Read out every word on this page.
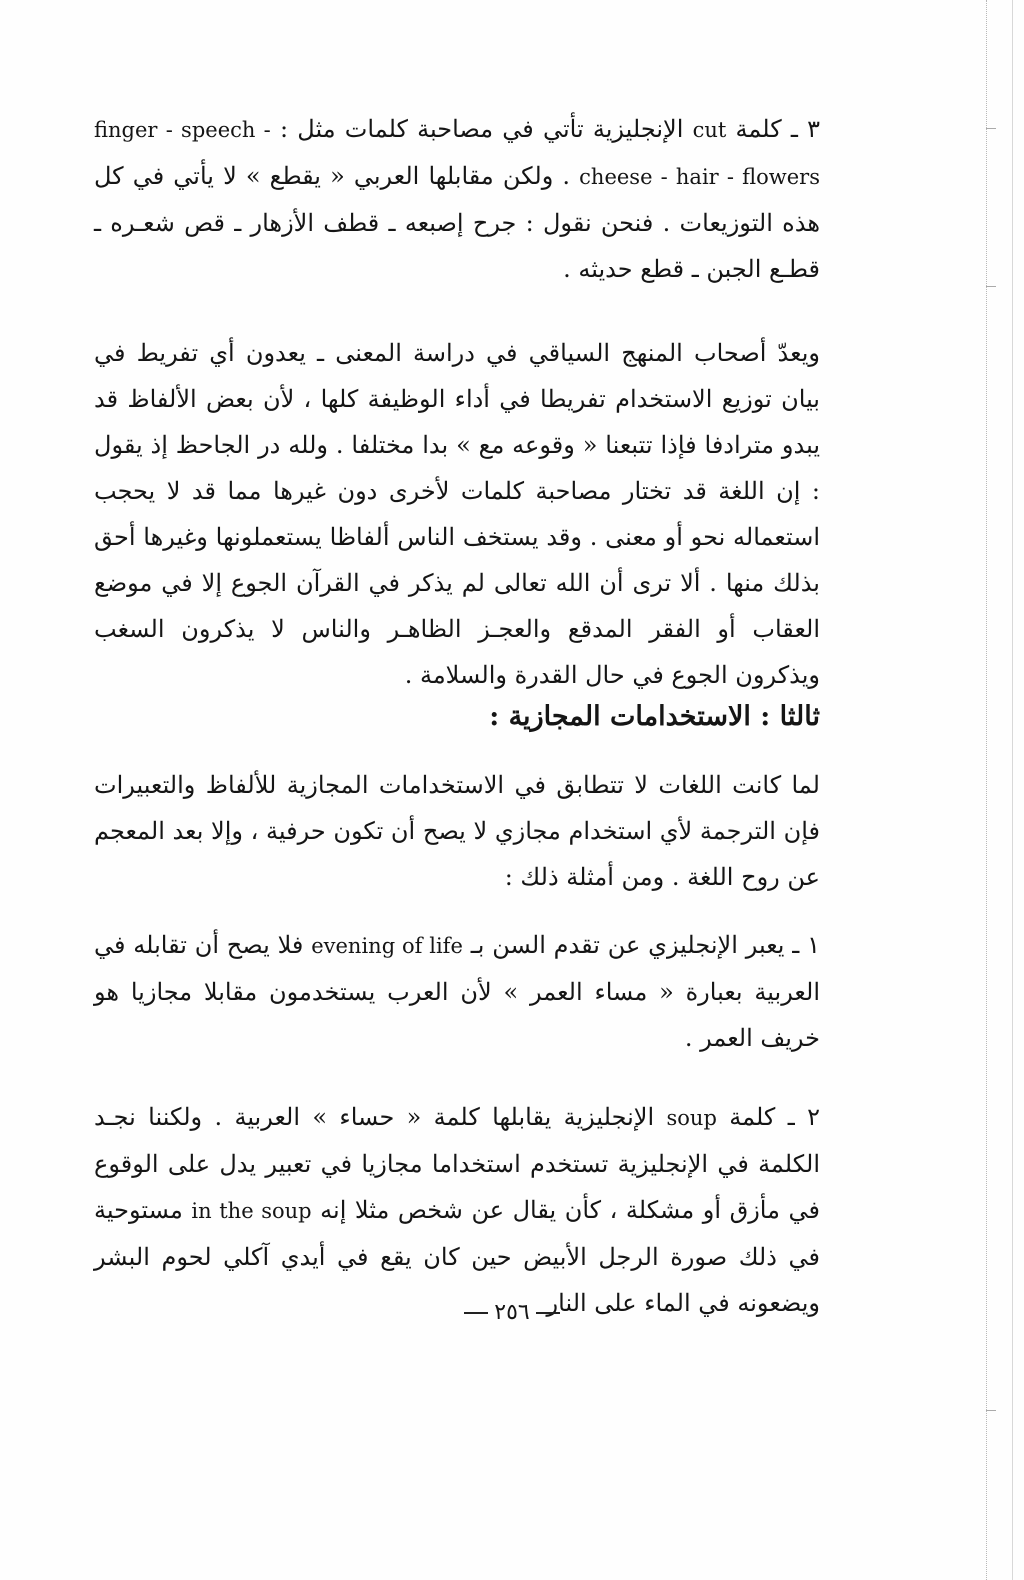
٣ ـ كلمة cut الإنجليزية تأتي في مصاحبة كلمات مثل : finger - speech - cheese - hair - flowers . ولكن مقابلها العربي « يقطع » لا يأتي في كل هذه التوزيعات . فنحن نقول : جرح إصبعه ـ قطف الأزهار ـ قص شعـره ـ قطـع الجبن ـ قطع حديثه .

ويعدّ أصحاب المنهج السياقي في دراسة المعنى ـ يعدون أي تفريط في بيان توزيع الاستخدام تفريطا في أداء الوظيفة كلها ، لأن بعض الألفاظ قد يبدو مترادفا فإذا تتبعنا « وقوعه مع » بدا مختلفا . ولله در الجاحظ إذ يقول : إن اللغة قد تختار مصاحبة كلمات لأخرى دون غيرها مما قد لا يحجب استعماله نحو أو معنى . وقد يستخف الناس ألفاظا يستعملونها وغيرها أحق بذلك منها . ألا ترى أن الله تعالى لم يذكر في القرآن الجوع إلا في موضع العقاب أو الفقر المدقع والعجـز الظاهـر والناس لا يذكرون السغب ويذكرون الجوع في حال القدرة والسلامة .

ثالثا : الاستخدامات المجازية :

لما كانت اللغات لا تتطابق في الاستخدامات المجازية للألفاظ والتعبيرات فإن الترجمة لأي استخدام مجازي لا يصح أن تكون حرفية ، وإلا بعد المعجم عن روح اللغة . ومن أمثلة ذلك :

١ ـ يعبر الإنجليزي عن تقدم السن بـ evening of life فلا يصح أن تقابله في العربية بعبارة « مساء العمر » لأن العرب يستخدمون مقابلا مجازيا هو خريف العمر .

٢ ـ كلمة soup الإنجليزية يقابلها كلمة « حساء » العربية . ولكننا نجـد الكلمة في الإنجليزية تستخدم استخداما مجازيا في تعبير يدل على الوقوع في مأزق أو مشكلة ، كأن يقال عن شخص مثلا إنه in the soup مستوحية في ذلك صورة الرجل الأبيض حين كان يقع في أيدي آكلي لحوم البشر ويضعونه في الماء على النار

٢٥٦
